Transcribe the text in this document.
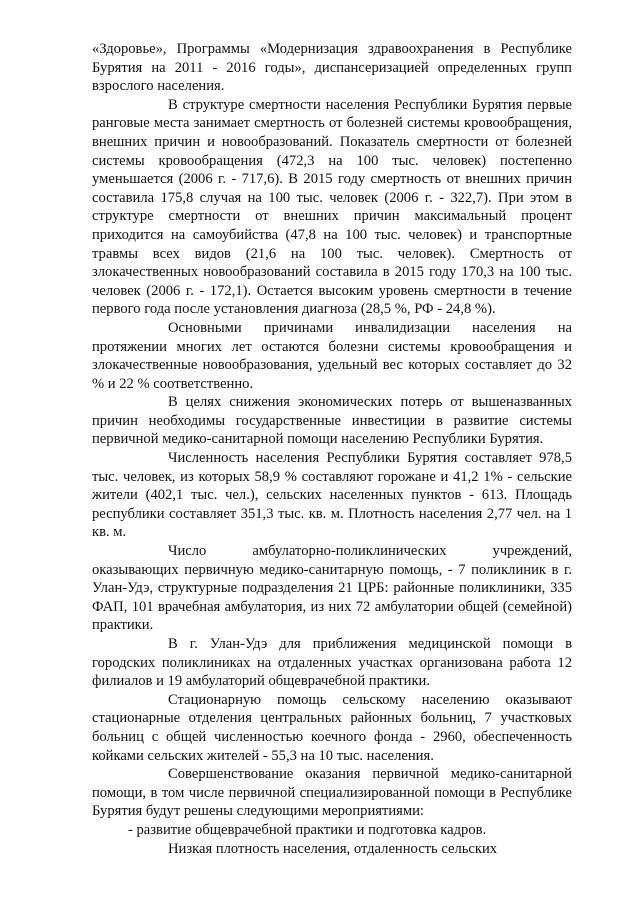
«Здоровье», Программы «Модернизация здравоохранения в Республике Бурятия на 2011 - 2016 годы», диспансеризацией определенных групп взрослого населения.

В структуре смертности населения Республики Бурятия первые ранговые места занимает смертность от болезней системы кровообращения, внешних причин и новообразований. Показатель смертности от болезней системы кровообращения (472,3 на 100 тыс. человек) постепенно уменьшается (2006 г. - 717,6). В 2015 году смертность от внешних причин составила 175,8 случая на 100 тыс. человек (2006 г. - 322,7). При этом в структуре смертности от внешних причин максимальный процент приходится на самоубийства (47,8 на 100 тыс. человек) и транспортные травмы всех видов (21,6 на 100 тыс. человек). Смертность от злокачественных новообразований составила в 2015 году 170,3 на 100 тыс. человек (2006 г. - 172,1). Остается высоким уровень смертности в течение первого года после установления диагноза (28,5 %, РФ - 24,8 %).

Основными причинами инвалидизации населения на протяжении многих лет остаются болезни системы кровообращения и злокачественные новообразования, удельный вес которых составляет до 32 % и 22 % соответственно.

В целях снижения экономических потерь от вышеназванных причин необходимы государственные инвестиции в развитие системы первичной медико-санитарной помощи населению Республики Бурятия.

Численность населения Республики Бурятия составляет 978,5 тыс. человек, из которых 58,9 % составляют горожане и 41,2 1% - сельские жители (402,1 тыс. чел.), сельских населенных пунктов - 613. Площадь республики составляет 351,3 тыс. кв. м. Плотность населения 2,77 чел. на 1 кв. м.

Число амбулаторно-поликлинических учреждений, оказывающих первичную медико-санитарную помощь, - 7 поликлиник в г. Улан-Удэ, структурные подразделения 21 ЦРБ: районные поликлиники, 335 ФАП, 101 врачебная амбулатория, из них 72 амбулатории общей (семейной) практики.

В г. Улан-Удэ для приближения медицинской помощи в городских поликлиниках на отдаленных участках организована работа 12 филиалов и 19 амбулаторий общеврачебной практики.

Стационарную помощь сельскому населению оказывают стационарные отделения центральных районных больниц, 7 участковых больниц с общей численностью коечного фонда - 2960, обеспеченность койками сельских жителей - 55,3 на 10 тыс. населения.

Совершенствование оказания первичной медико-санитарной помощи, в том числе первичной специализированной помощи в Республике Бурятия будут решены следующими мероприятиями:

- развитие общеврачебной практики и подготовка кадров.

Низкая плотность населения, отдаленность сельских
